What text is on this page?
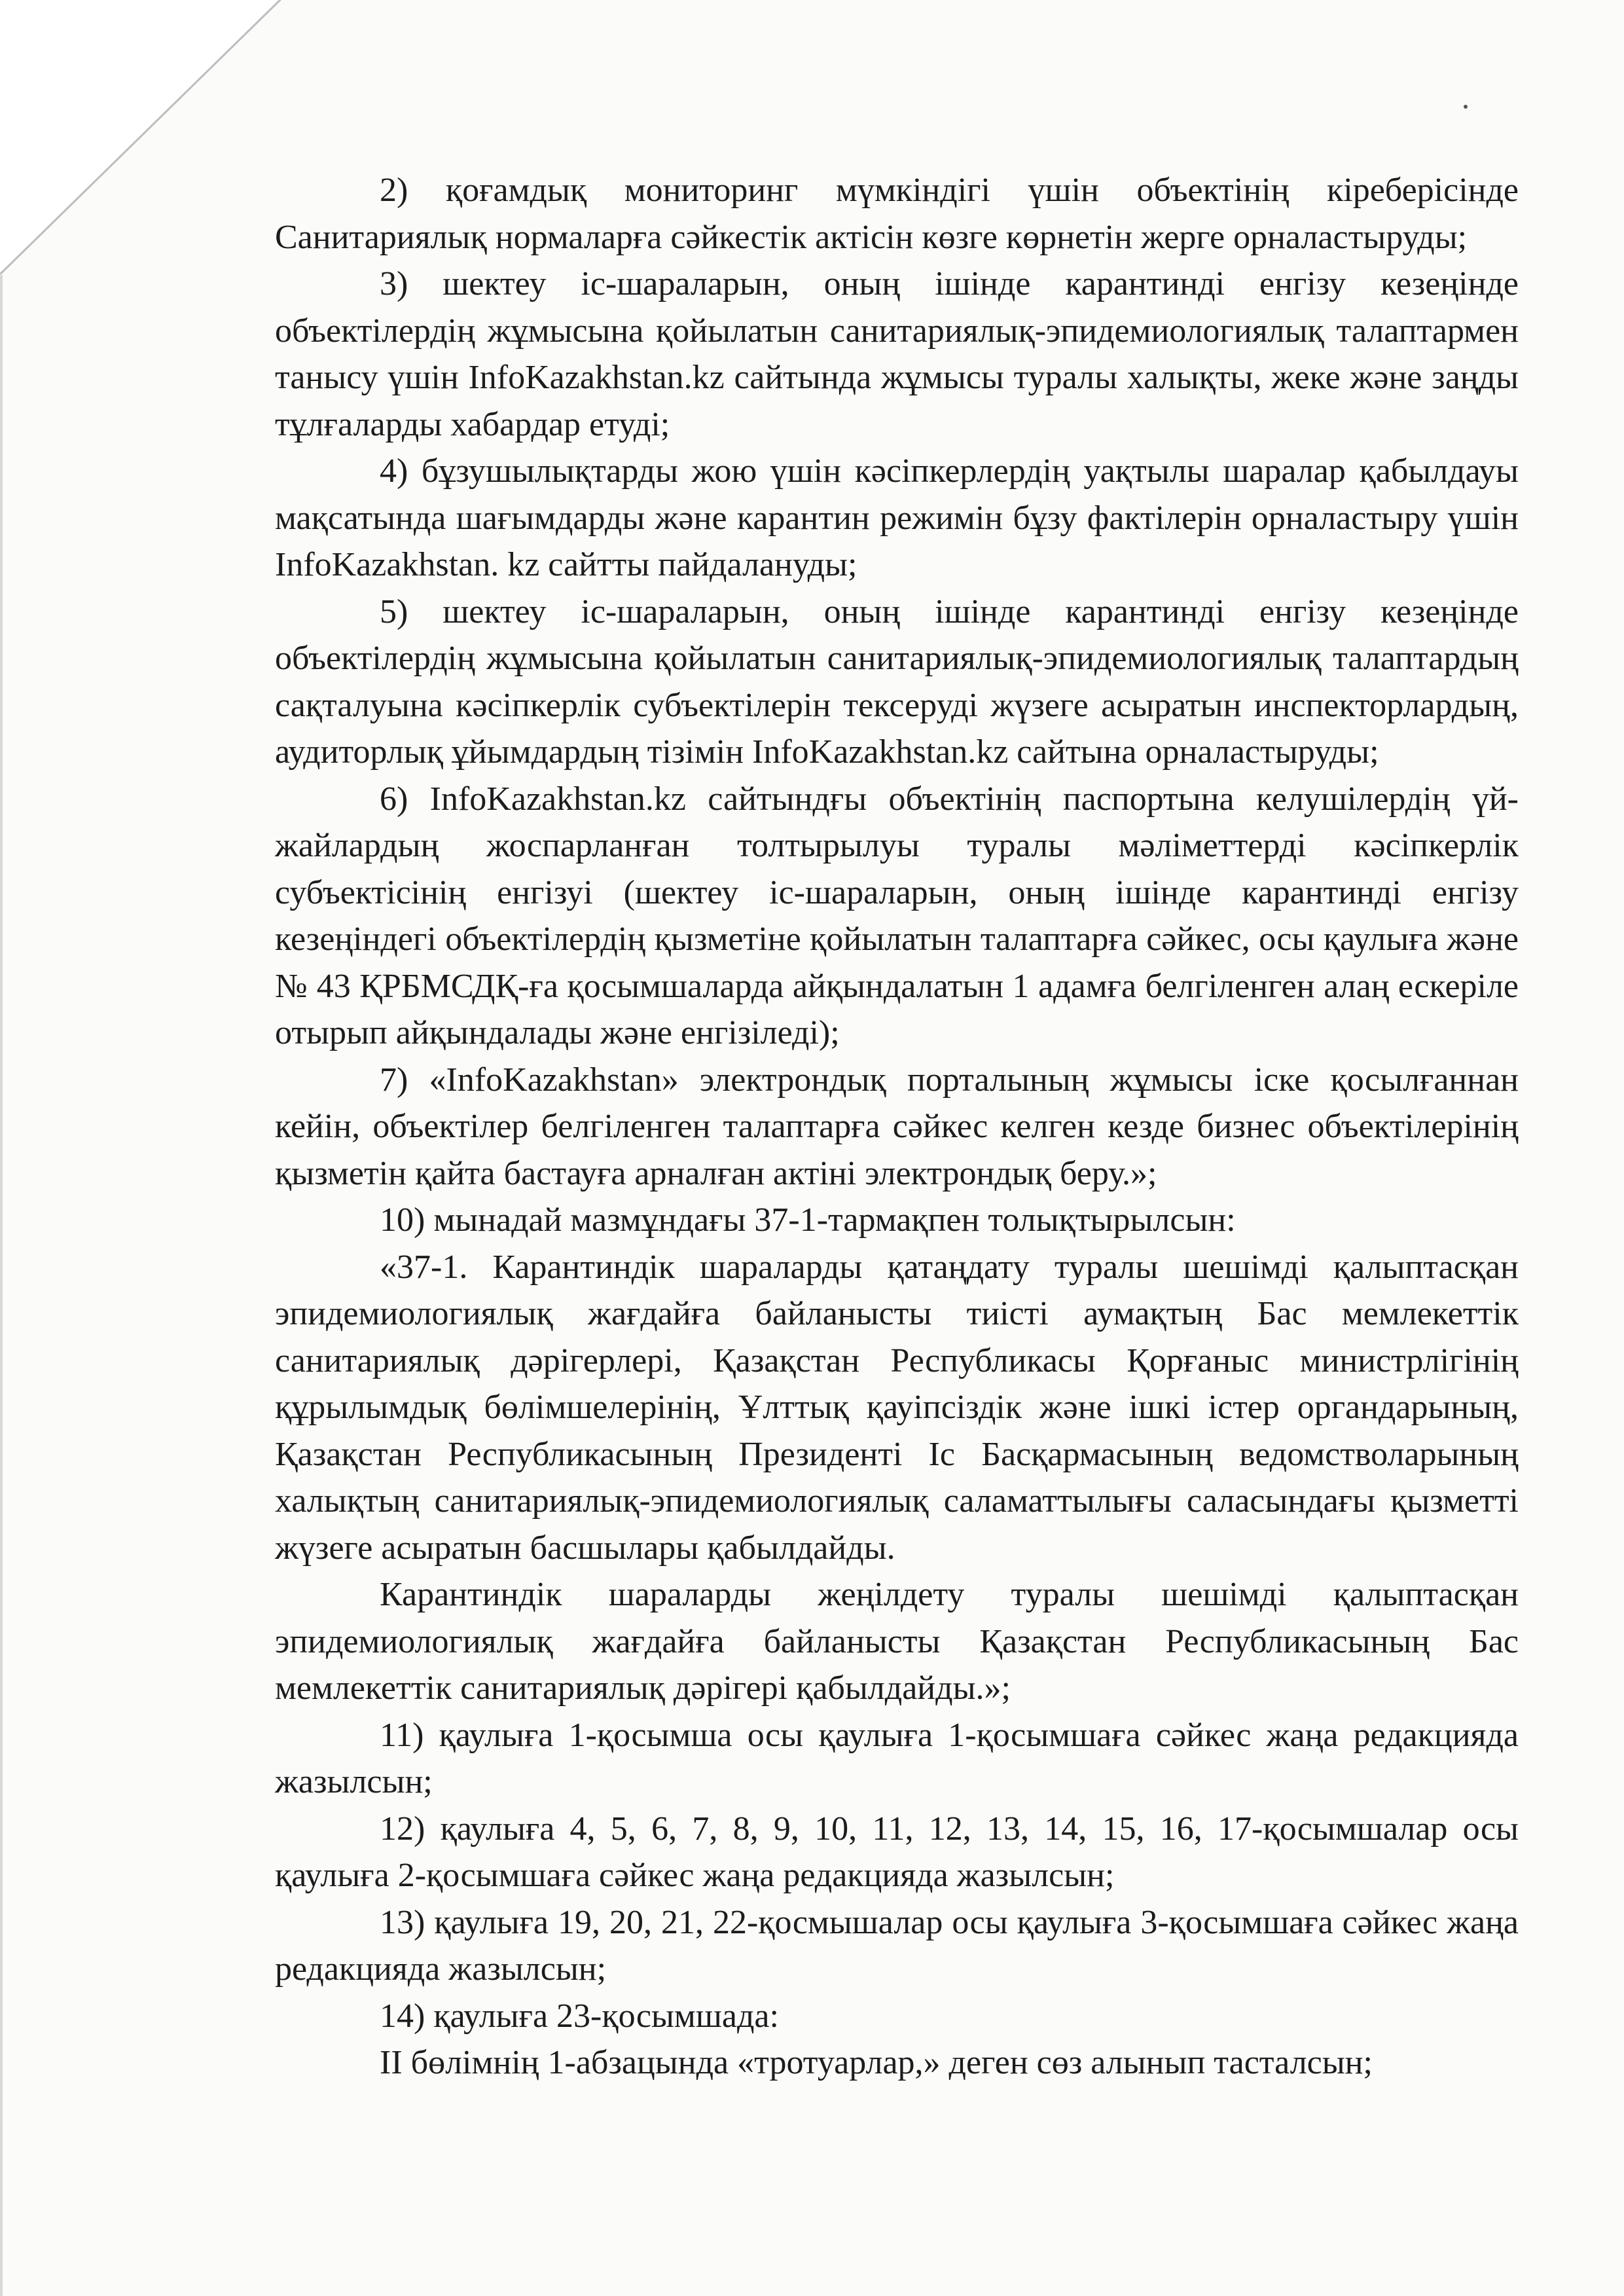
2) қоғамдық мониторинг мүмкіндігі үшін объектінің кіреберісінде Санитариялық нормаларға сәйкестік актісін көзге көрнетін жерге орналастыруды;

3) шектеу іс-шараларын, оның ішінде карантинді енгізу кезеңінде объектілердің жұмысына қойылатын санитариялық-эпидемиологиялық талаптармен танысу үшін InfoKazakhstan.kz сайтында жұмысы туралы халықты, жеке және заңды тұлғаларды хабардар етуді;

4) бұзушылықтарды жою үшін кәсіпкерлердің уақтылы шаралар қабылдауы мақсатында шағымдарды және карантин режимін бұзу фактілерін орналастыру үшін InfoKazakhstan. kz сайтты пайдалануды;

5) шектеу іс-шараларын, оның ішінде карантинді енгізу кезеңінде объектілердің жұмысына қойылатын санитариялық-эпидемиологиялық талаптардың сақталуына кәсіпкерлік субъектілерін тексеруді жүзеге асыратын инспекторлардың, аудиторлық ұйымдардың тізімін InfoKazakhstan.kz сайтына орналастыруды;

6) InfoKazakhstan.kz сайтындғы объектінің паспортына келушілердің үй-жайлардың жоспарланған толтырылуы туралы мәліметтерді кәсіпкерлік субъектісінің енгізуі (шектеу іс-шараларын, оның ішінде карантинді енгізу кезеңіндегі объектілердің қызметіне қойылатын талаптарға сәйкес, осы қаулыға және № 43 ҚРБМСДҚ-ға қосымшаларда айқындалатын 1 адамға белгіленген алаң ескеріле отырып айқындалады және енгізіледі);

7) «InfoKazakhstan» электрондық порталының жұмысы іске қосылғаннан кейін, объектілер белгіленген талаптарға сәйкес келген кезде бизнес объектілерінің қызметін қайта бастауға арналған актіні электрондық беру.»;

10) мынадай мазмұндағы 37-1-тармақпен толықтырылсын:

«37-1. Карантиндік шараларды қатаңдату туралы шешімді қалыптасқан эпидемиологиялық жағдайға байланысты тиісті аумақтың Бас мемлекеттік санитариялық дәрігерлері, Қазақстан Республикасы Қорғаныс министрлігінің құрылымдық бөлімшелерінің, Ұлттық қауіпсіздік және ішкі істер органдарының, Қазақстан Республикасының Президенті Іс Басқармасының ведомстволарының халықтың санитариялық-эпидемиологиялық саламаттылығы саласындағы қызметті жүзеге асыратын басшылары қабылдайды.

Карантиндік шараларды жеңілдету туралы шешімді қалыптасқан эпидемиологиялық жағдайға байланысты Қазақстан Республикасының Бас мемлекеттік санитариялық дәрігері қабылдайды.»;

11) қаулыға 1-қосымша осы қаулыға 1-қосымшаға сәйкес жаңа редакцияда жазылсын;

12) қаулыға 4, 5, 6, 7, 8, 9, 10, 11, 12, 13, 14, 15, 16, 17-қосымшалар осы қаулыға 2-қосымшаға сәйкес жаңа редакцияда жазылсын;

13) қаулыға 19, 20, 21, 22-қосмышалар осы қаулыға 3-қосымшаға сәйкес жаңа редакцияда жазылсын;

14) қаулыға 23-қосымшада:

ІІ бөлімнің 1-абзацында «тротуарлар,» деген сөз алынып тасталсын;
